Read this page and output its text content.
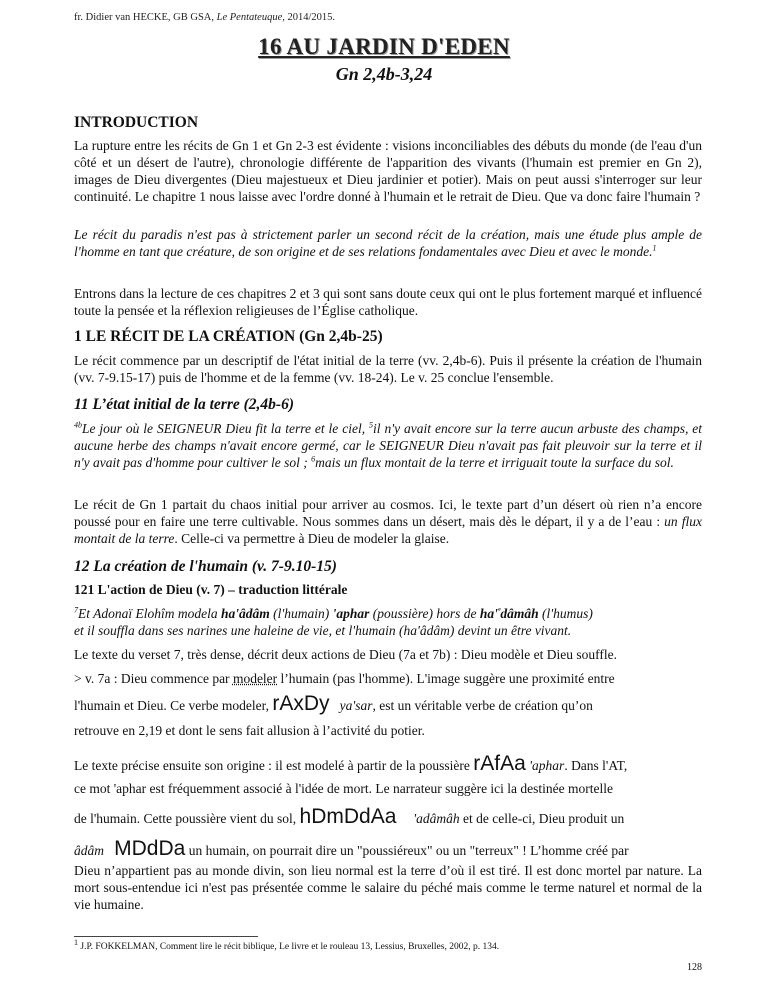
fr. Didier van HECKE, GB GSA, Le Pentateuque, 2014/2015.
16 AU JARDIN D'EDEN
Gn 2,4b-3,24
INTRODUCTION

La rupture entre les récits de Gn 1 et Gn 2-3 est évidente : visions inconciliables des débuts du monde (de l'eau d'un côté et un désert de l'autre), chronologie différente de l'apparition des vivants (l'humain est premier en Gn 2), images de Dieu divergentes (Dieu majestueux et Dieu jardinier et potier). Mais on peut aussi s'interroger sur leur continuité. Le chapitre 1 nous laisse avec l'ordre donné à l'humain et le retrait de Dieu. Que va donc faire l'humain ?

Le récit du paradis n'est pas à strictement parler un second récit de la création, mais une étude plus ample de l'homme en tant que créature, de son origine et de ses relations fondamentales avec Dieu et avec le monde.$^1$

Entrons dans la lecture de ces chapitres 2 et 3 qui sont sans doute ceux qui ont le plus fortement marqué et influencé toute la pensée et la réflexion religieuses de l’Église catholique.

1 LE RÉCIT DE LA CRÉATION (Gn 2,4b-25)

Le récit commence par un descriptif de l'état initial de la terre (vv. 2,4b-6). Puis il présente la création de l'humain (vv. 7-9.15-17) puis de l'homme et de la femme (vv. 18-24). Le v. 25 conclue l'ensemble.

11 L’état initial de la terre (2,4b-6)

$^{4b}$Le jour où le SEIGNEUR Dieu fit la terre et le ciel, $^5$il n'y avait encore sur la terre aucun arbuste des champs, et aucune herbe des champs n'avait encore germé, car le SEIGNEUR Dieu n'avait pas fait pleuvoir sur la terre et il n'y avait pas d'homme pour cultiver le sol ; $^6$mais un flux montait de la terre et irriguait toute la surface du sol.

Le récit de Gn 1 partait du chaos initial pour arriver au cosmos. Ici, le texte part d’un désert où rien n’a encore poussé pour en faire une terre cultivable. Nous sommes dans un désert, mais dès le départ, il y a de l’eau : un flux montait de la terre. Celle-ci va permettre à Dieu de modeler la glaise.

12 La création de l'humain (v. 7-9.10-15)
121 L'action de Dieu (v. 7) – traduction littérale

$^7$Et Adonaï Elohîm modela ha'âdâm (l'humain) 'aphar (poussière) hors de $ha'^ᵃdâmâh$ (l'humus)
et il souffla dans ses narines une haleine de vie, et l'humain (ha'âdâm) devint un être vivant.

Le texte du verset 7, très dense, décrit deux actions de Dieu (7a et 7b) : Dieu modèle et Dieu souffle.

> v. 7a : Dieu commence par modeler l’humain (pas l'homme). L'image suggère une proximité entre

l'humain et Dieu. Ce verbe modeler, rAxDy ya'sar, est un véritable verbe de création qu’on

retrouve en 2,19 et dont le sens fait allusion à l’activité du potier.

Le texte précise ensuite son origine : il est modelé à partir de la poussière rAfAa 'aphar. Dans l'AT,

ce mot 'aphar est fréquemment associé à l'idée de mort. Le narrateur suggère ici la destinée mortelle

de l'humain. Cette poussière vient du sol, hDmDdAa 'adâmâh et de celle-ci, Dieu produit un

âdâm MDdDa un humain, on pourrait dire un "poussiéreux" ou un "terreux" ! L’homme créé par

Dieu n’appartient pas au monde divin, son lieu normal est la terre d’où il est tiré. Il est donc mortel par nature. La mort sous-entendue ici n'est pas présentée comme le salaire du péché mais comme le terme naturel et normal de la vie humaine.

$^1$ J.P. FOKKELMAN, Comment lire le récit biblique, Le livre et le rouleau 13, Lessius, Bruxelles, 2002, p. 134.
128
